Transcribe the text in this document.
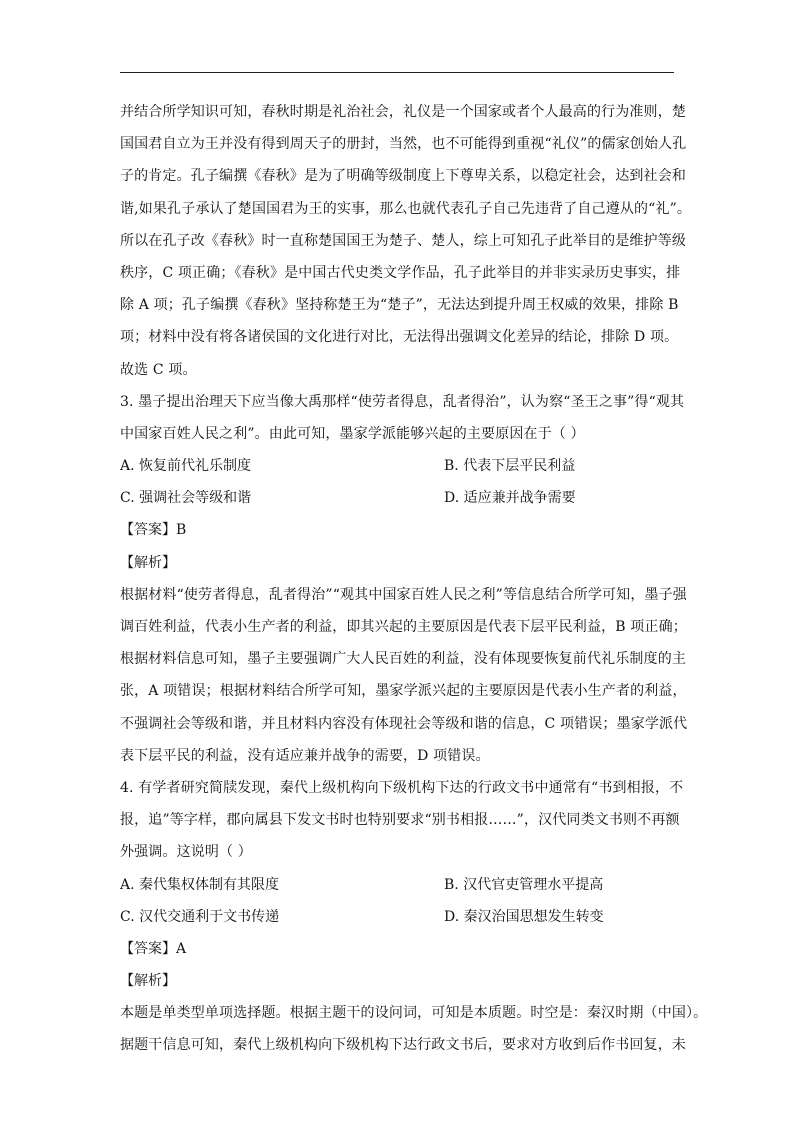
并结合所学知识可知，春秋时期是礼治社会，礼仪是一个国家或者个人最高的行为准则，楚
国国君自立为王并没有得到周天子的册封，当然，也不可能得到重视“礼仪”的儒家创始人孔
子的肯定。孔子编撰《春秋》是为了明确等级制度上下尊卑关系，以稳定社会，达到社会和
谐,如果孔子承认了楚国国君为王的实事，那么也就代表孔子自己先违背了自己遵从的“礼”。
所以在孔子改《春秋》时一直称楚国国王为楚子、楚人，综上可知孔子此举目的是维护等级
秩序，C 项正确；《春秋》是中国古代史类文学作品，孔子此举目的并非实录历史事实，排
除 A 项；孔子编撰《春秋》坚持称楚王为“楚子”，无法达到提升周王权威的效果，排除 B
项；材料中没有将各诸侯国的文化进行对比，无法得出强调文化差异的结论，排除 D 项。
故选 C 项。
3. 墨子提出治理天下应当像大禹那样“使劳者得息，乱者得治”，认为察“圣王之事”得“观其
中国家百姓人民之利”。由此可知，墨家学派能够兴起的主要原因在于（ ）
A. 恢复前代礼乐制度	B. 代表下层平民利益
C. 强调社会等级和谐	D. 适应兼并战争需要
【答案】B
【解析】
根据材料“使劳者得息，乱者得治”“观其中国家百姓人民之利”等信息结合所学可知，墨子强
调百姓利益，代表小生产者的利益，即其兴起的主要原因是代表下层平民利益，B 项正确；
根据材料信息可知，墨子主要强调广大人民百姓的利益，没有体现要恢复前代礼乐制度的主
张，A 项错误；根据材料结合所学可知，墨家学派兴起的主要原因是代表小生产者的利益，
不强调社会等级和谐，并且材料内容没有体现社会等级和谐的信息，C 项错误；墨家学派代
表下层平民的利益，没有适应兼并战争的需要，D 项错误。
4. 有学者研究简牍发现，秦代上级机构向下级机构下达的行政文书中通常有“书到相报，不
报，追”等字样，郡向属县下发文书时也特别要求“别书相报……”，汉代同类文书则不再额
外强调。这说明（ ）
A. 秦代集权体制有其限度	B. 汉代官吏管理水平提高
C. 汉代交通利于文书传递	D. 秦汉治国思想发生转变
【答案】A
【解析】
本题是单类型单项选择题。根据主题干的设问词，可知是本质题。时空是：秦汉时期（中国）。
据题干信息可知，秦代上级机构向下级机构下达行政文书后，要求对方收到后作书回复，未
